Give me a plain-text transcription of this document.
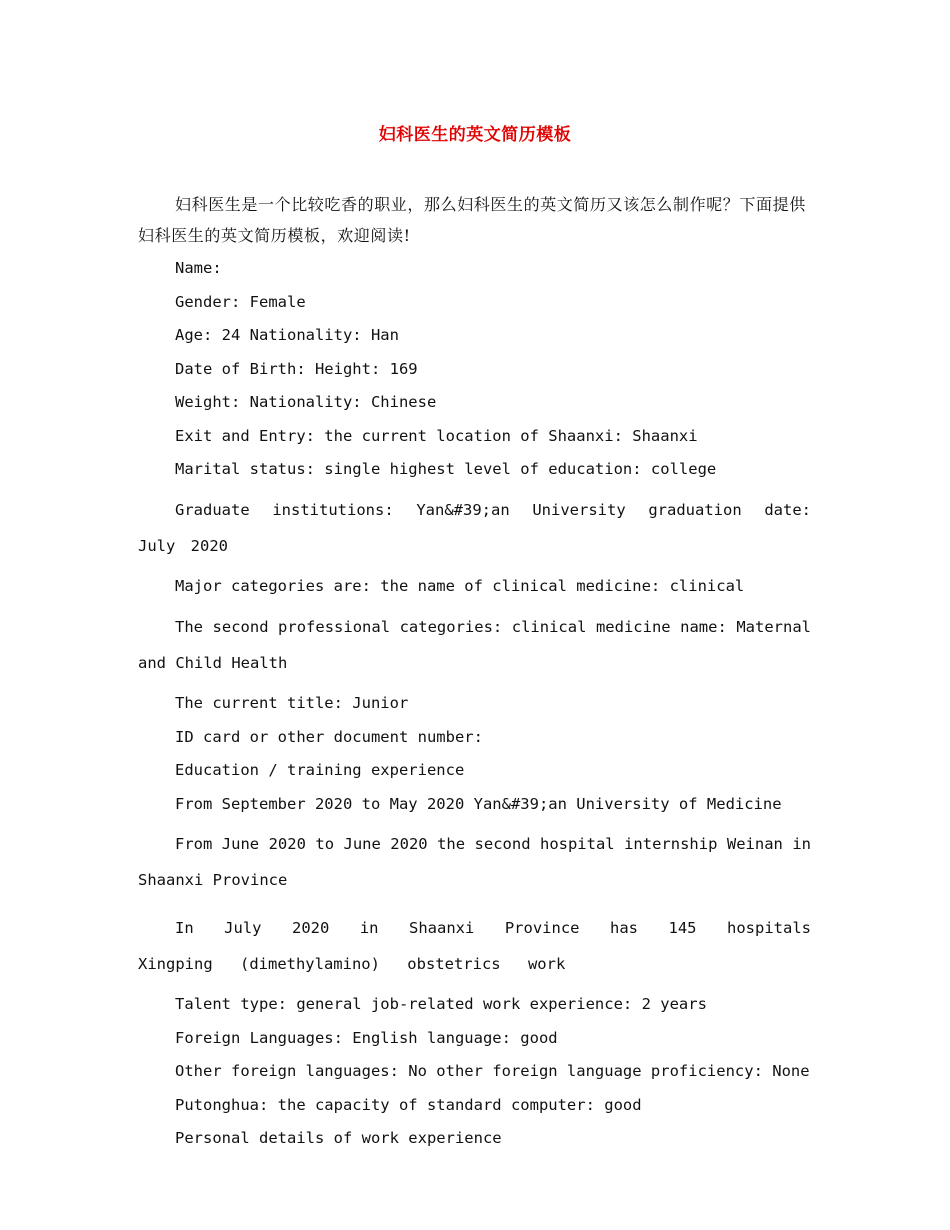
妇科医生的英文简历模板

妇科医生是一个比较吃香的职业，那么妇科医生的英文简历又该怎么制作呢？下面提供妇科医生的英文简历模板，欢迎阅读!

Name:

Gender: Female

Age: 24 Nationality: Han

Date of Birth: Height: 169

Weight: Nationality: Chinese

Exit and Entry: the current location of Shaanxi: Shaanxi

Marital status: single highest level of education: college

Graduate institutions: Yan&#39;an University graduation date: July 2020

Major categories are: the name of clinical medicine: clinical

The second professional categories: clinical medicine name: Maternal and Child Health

The current title: Junior

ID card or other document number:

Education / training experience

From September 2020 to May 2020 Yan&#39;an University of Medicine

From June 2020 to June 2020 the second hospital internship Weinan in Shaanxi Province

In July 2020 in Shaanxi Province has 145 hospitals Xingping (dimethylamino) obstetrics work

Talent type: general job-related work experience: 2 years

Foreign Languages: English language: good

Other foreign languages: No other foreign language proficiency: None

Putonghua: the capacity of standard computer: good

Personal details of work experience
